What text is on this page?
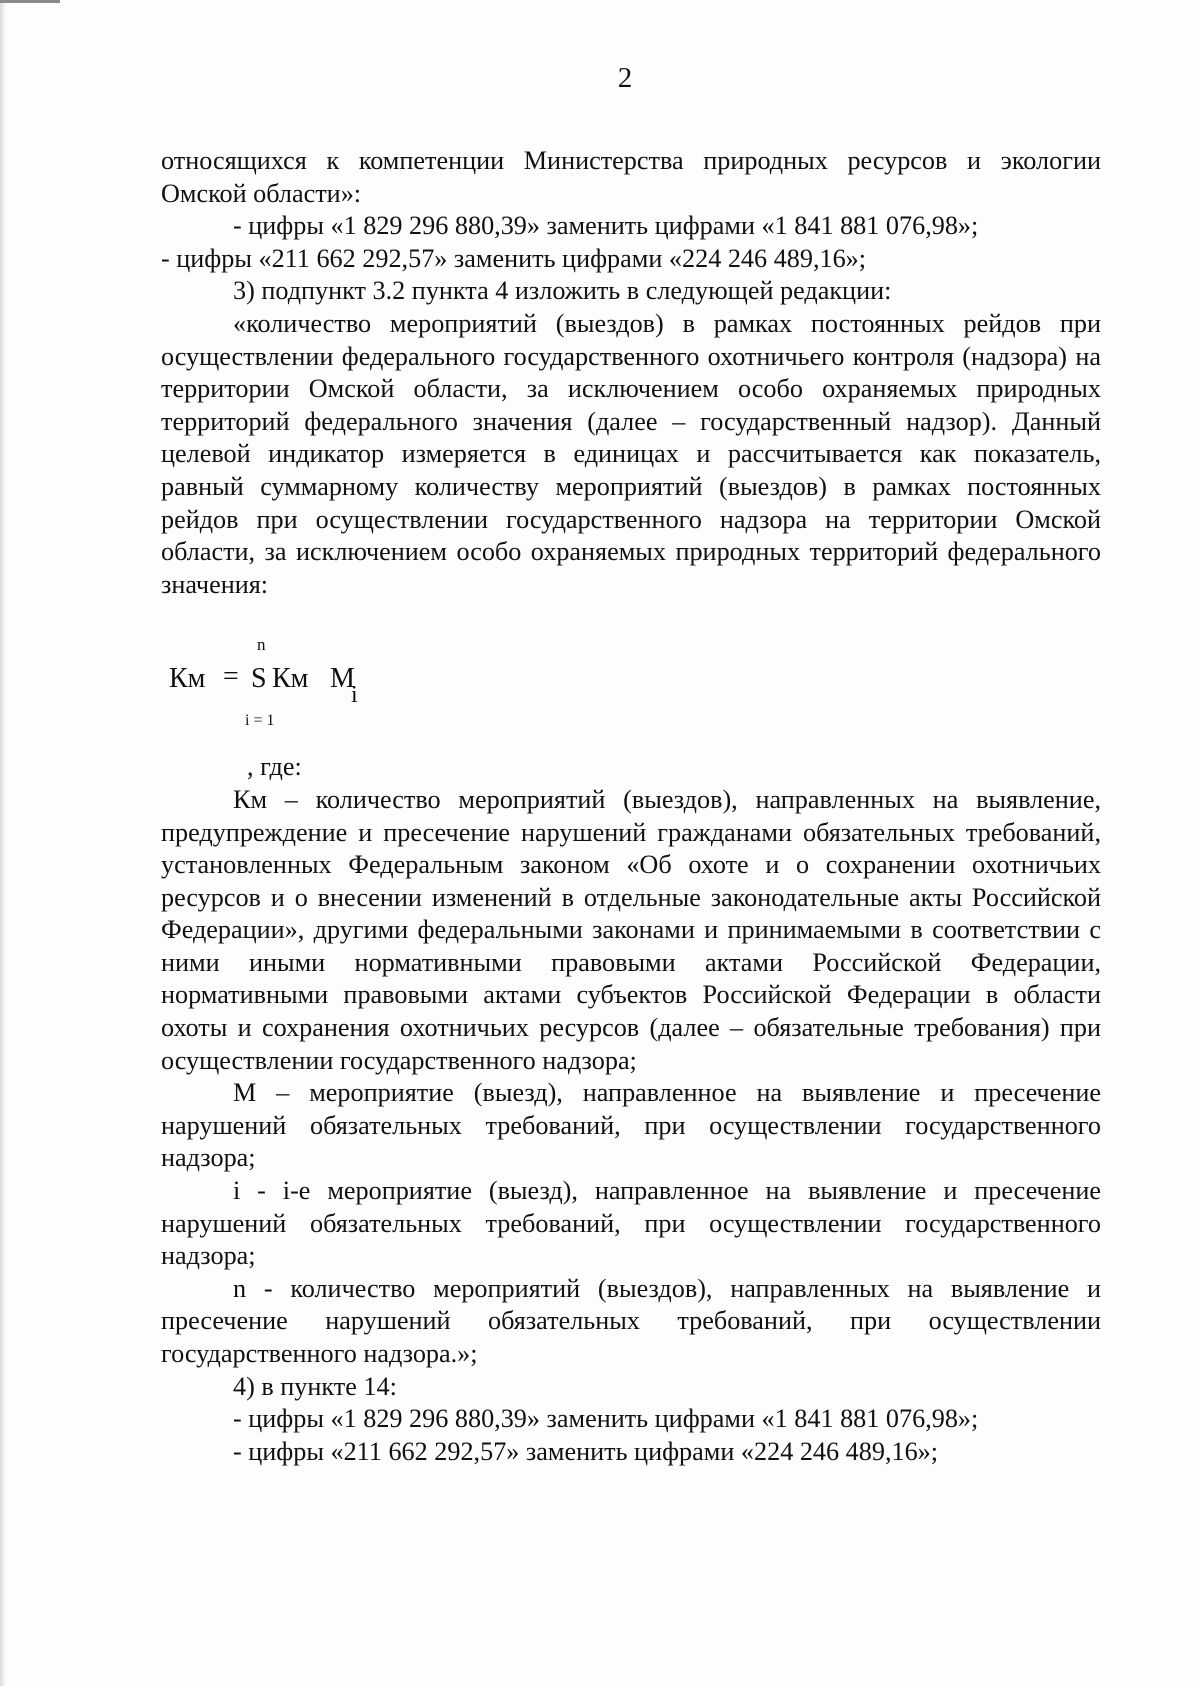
2

относящихся к компетенции Министерства природных ресурсов и экологии Омской области»:

- цифры «1 829 296 880,39» заменить цифрами «1 841 881 076,98»;

- цифры «211 662 292,57» заменить цифрами «224 246 489,16»;

3) подпункт 3.2 пункта 4 изложить в следующей редакции:

«количество мероприятий (выездов) в рамках постоянных рейдов при осуществлении федерального государственного охотничьего контроля (надзора) на территории Омской области, за исключением особо охраняемых природных территорий федерального значения (далее – государственный надзор). Данный целевой индикатор измеряется в единицах и рассчитывается как показатель, равный суммарному количеству мероприятий (выездов) в рамках постоянных рейдов при осуществлении государственного надзора на территории Омской области, за исключением особо охраняемых природных территорий федерального значения:

n
Км = S Км М
i
i = 1

, где:

Км – количество мероприятий (выездов), направленных на выявление, предупреждение и пресечение нарушений гражданами обязательных требований, установленных Федеральным законом «Об охоте и о сохранении охотничьих ресурсов и о внесении изменений в отдельные законодательные акты Российской Федерации», другими федеральными законами и принимаемыми в соответствии с ними иными нормативными правовыми актами Российской Федерации, нормативными правовыми актами субъектов Российской Федерации в области охоты и сохранения охотничьих ресурсов (далее – обязательные требования) при осуществлении государственного надзора;

М – мероприятие (выезд), направленное на выявление и пресечение нарушений обязательных требований, при осуществлении государственного надзора;

i - i-е мероприятие (выезд), направленное на выявление и пресечение нарушений обязательных требований, при осуществлении государственного надзора;

n - количество мероприятий (выездов), направленных на выявление и пресечение нарушений обязательных требований, при осуществлении государственного надзора.»;

4) в пункте 14:

- цифры «1 829 296 880,39» заменить цифрами «1 841 881 076,98»;

- цифры «211 662 292,57» заменить цифрами «224 246 489,16»;
